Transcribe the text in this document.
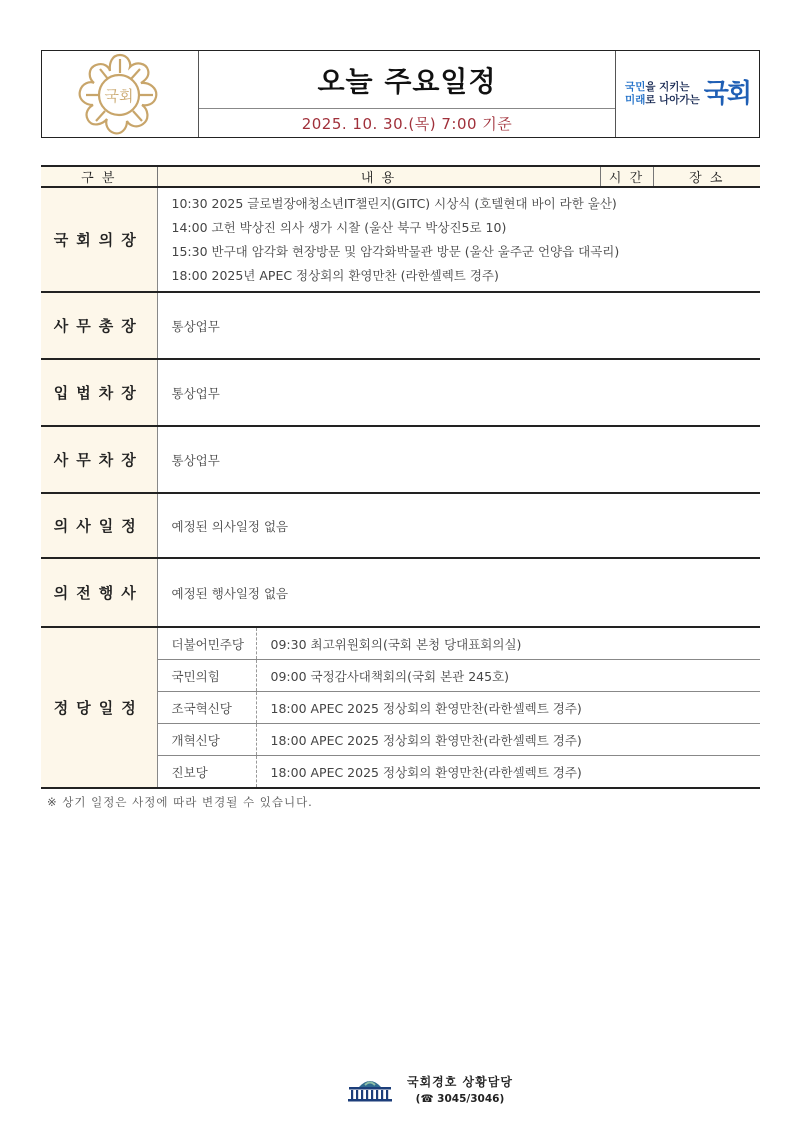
국회	오늘 주요일정
2025. 10. 30.(목) 7:00 기준
국민을 지키는
미래로 나아가는 국회
구 분	내 용		시 간	장 소
국회의장	10:30 2025 글로벌장애청소년IT챌린지(GITC) 시상식 (호텔현대 바이 라한 울산)
14:00 고헌 박상진 의사 생가 시찰 (울산 북구 박상진5로 10)
15:30 반구대 암각화 현장방문 및 암각화박물관 방문 (울산 울주군 언양읍 대곡리)
18:00 2025년 APEC 정상회의 환영만찬 (라한셀렉트 경주)			

사무총장	통상업무			
입법차장	통상업무			
사무차장	통상업무			
의사일정	예정된 의사일정 없음			
의전행사	예정된 행사일정 없음			
정당일정	더불어민주당	09:30 최고위원회의(국회 본청 당대표회의실)		
	국민의힘	09:00 국정감사대책회의(국회 본관 245호)		
	조국혁신당	18:00 APEC 2025 정상회의 환영만찬(라한셀렉트 경주)		
	개혁신당	18:00 APEC 2025 정상회의 환영만찬(라한셀렉트 경주)		
	진보당	18:00 APEC 2025 정상회의 환영만찬(라한셀렉트 경주)		
※ 상기 일정은 사정에 따라 변경될 수 있습니다.
국회경호 상황담당
(☎ 3045/3046)
